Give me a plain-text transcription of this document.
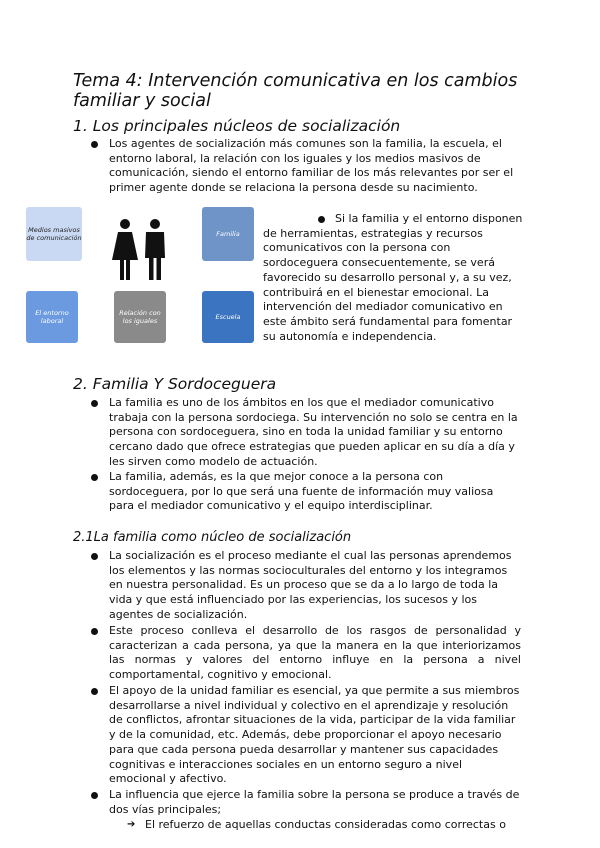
Tema 4: Intervención comunicativa en los cambios familiar y social
1. Los principales núcleos de socialización
Los agentes de socialización más comunes son la familia, la escuela, el entorno laboral, la relación con los iguales y los medios masivos de comunicación, siendo el entorno familiar de los más relevantes por ser el primer agente donde se relaciona la persona desde su nacimiento.
Medios masivos de comunicación	Familia
El entorno laboral
Relación con los iguales	Escuela
Si la familia y el entorno disponen de herramientas, estrategias y recursos comunicativos con la persona con sordoceguera consecuentemente, se verá favorecido su desarrollo personal y, a su vez, contribuirá en el bienestar emocional. La intervención del mediador comunicativo en este ámbito será fundamental para fomentar su autonomía e independencia.
2. Familia Y Sordoceguera
La familia es uno de los ámbitos en los que el mediador comunicativo trabaja con la persona sordociega. Su intervención no solo se centra en la persona con sordoceguera, sino en toda la unidad familiar y su entorno cercano dado que ofrece estrategias que pueden aplicar en su día a día y les sirven como modelo de actuación.
La familia, además, es la que mejor conoce a la persona con sordoceguera, por lo que será una fuente de información muy valiosa para el mediador comunicativo y el equipo interdisciplinar.
2.1La familia como núcleo de socialización
La socialización es el proceso mediante el cual las personas aprendemos los elementos y las normas socioculturales del entorno y los integramos en nuestra personalidad. Es un proceso que se da a lo largo de toda la vida y que está influenciado por las experiencias, los sucesos y los agentes de socialización.
Este proceso conlleva el desarrollo de los rasgos de personalidad y caracterizan a cada persona, ya que la manera en la que interiorizamos las normas y valores del entorno influye en la persona a nivel comportamental, cognitivo y emocional.
El apoyo de la unidad familiar es esencial, ya que permite a sus miembros desarrollarse a nivel individual y colectivo en el aprendizaje y resolución de conflictos, afrontar situaciones de la vida, participar de la vida familiar y de la comunidad, etc. Además, debe proporcionar el apoyo necesario para que cada persona pueda desarrollar y mantener sus capacidades cognitivas e interacciones sociales en un entorno seguro a nivel emocional y afectivo.
La influencia que ejerce la familia sobre la persona se produce a través de dos vías principales;
➔ El refuerzo de aquellas conductas consideradas como correctas o
